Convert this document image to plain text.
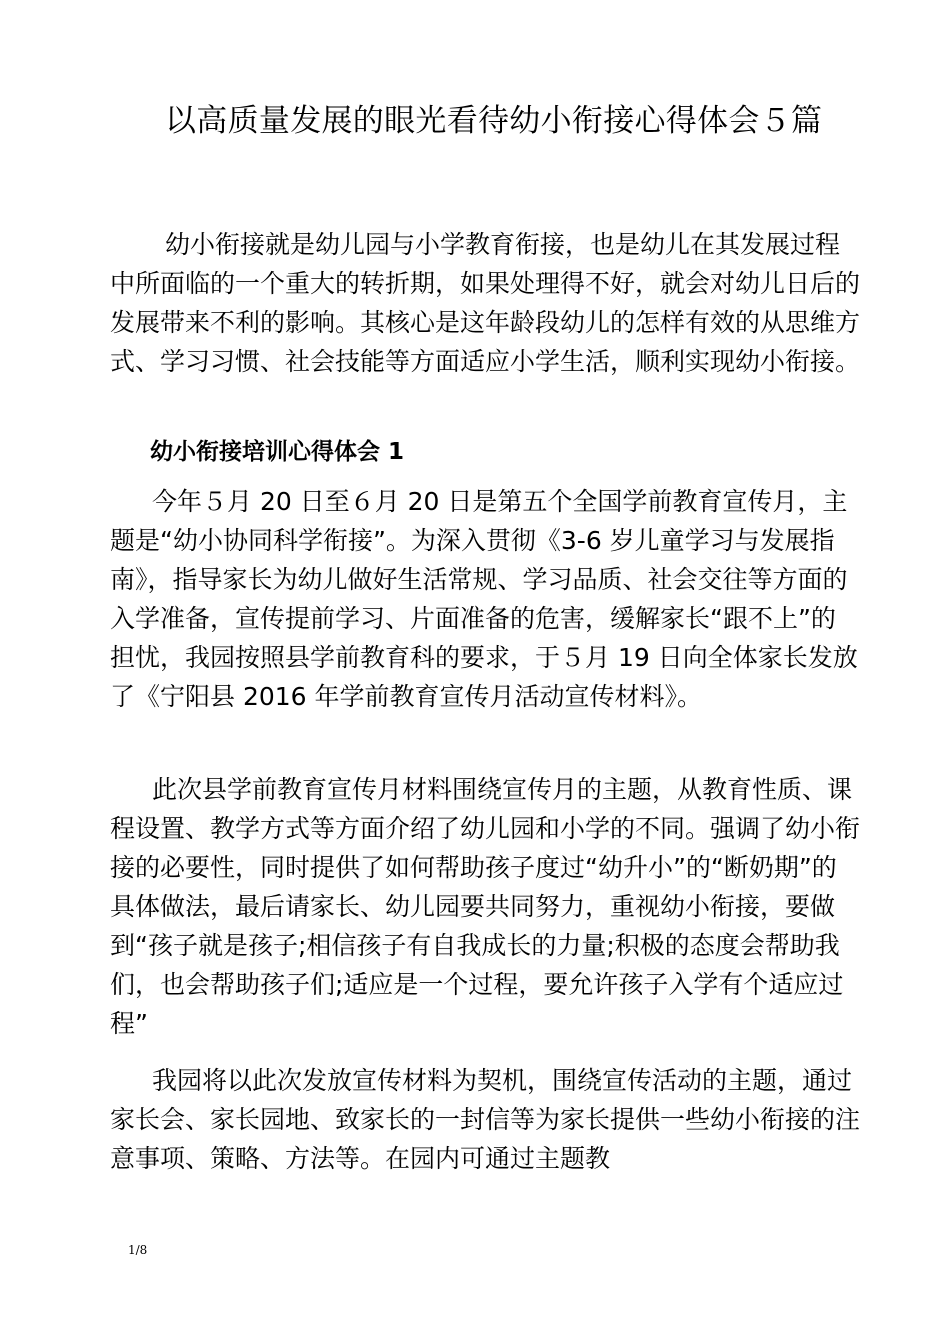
以高质量发展的眼光看待幼小衔接心得体会５篇

幼小衔接就是幼儿园与小学教育衔接，也是幼儿在其发展过程中所面临的一个重大的转折期，如果处理得不好，就会对幼儿日后的发展带来不利的影响。其核心是这年龄段幼儿的怎样有效的从思维方式、学习习惯、社会技能等方面适应小学生活，顺利实现幼小衔接。

幼小衔接培训心得体会 1

今年５月 20 日至６月 20 日是第五个全国学前教育宣传月，主题是“幼小协同科学衔接”。为深入贯彻《3-6 岁儿童学习与发展指南》，指导家长为幼儿做好生活常规、学习品质、社会交往等方面的入学准备，宣传提前学习、片面准备的危害，缓解家长“跟不上”的担忧，我园按照县学前教育科的要求，于５月 19 日向全体家长发放了《宁阳县 2016 年学前教育宣传月活动宣传材料》。

此次县学前教育宣传月材料围绕宣传月的主题，从教育性质、课程设置、教学方式等方面介绍了幼儿园和小学的不同。强调了幼小衔接的必要性，同时提供了如何帮助孩子度过“幼升小”的“断奶期”的具体做法，最后请家长、幼儿园要共同努力，重视幼小衔接，要做到“孩子就是孩子;相信孩子有自我成长的力量;积极的态度会帮助我们，也会帮助孩子们;适应是一个过程，要允许孩子入学有个适应过程”

我园将以此次发放宣传材料为契机，围绕宣传活动的主题，通过家长会、家长园地、致家长的一封信等为家长提供一些幼小衔接的注意事项、策略、方法等。在园内可通过主题教

1/8
